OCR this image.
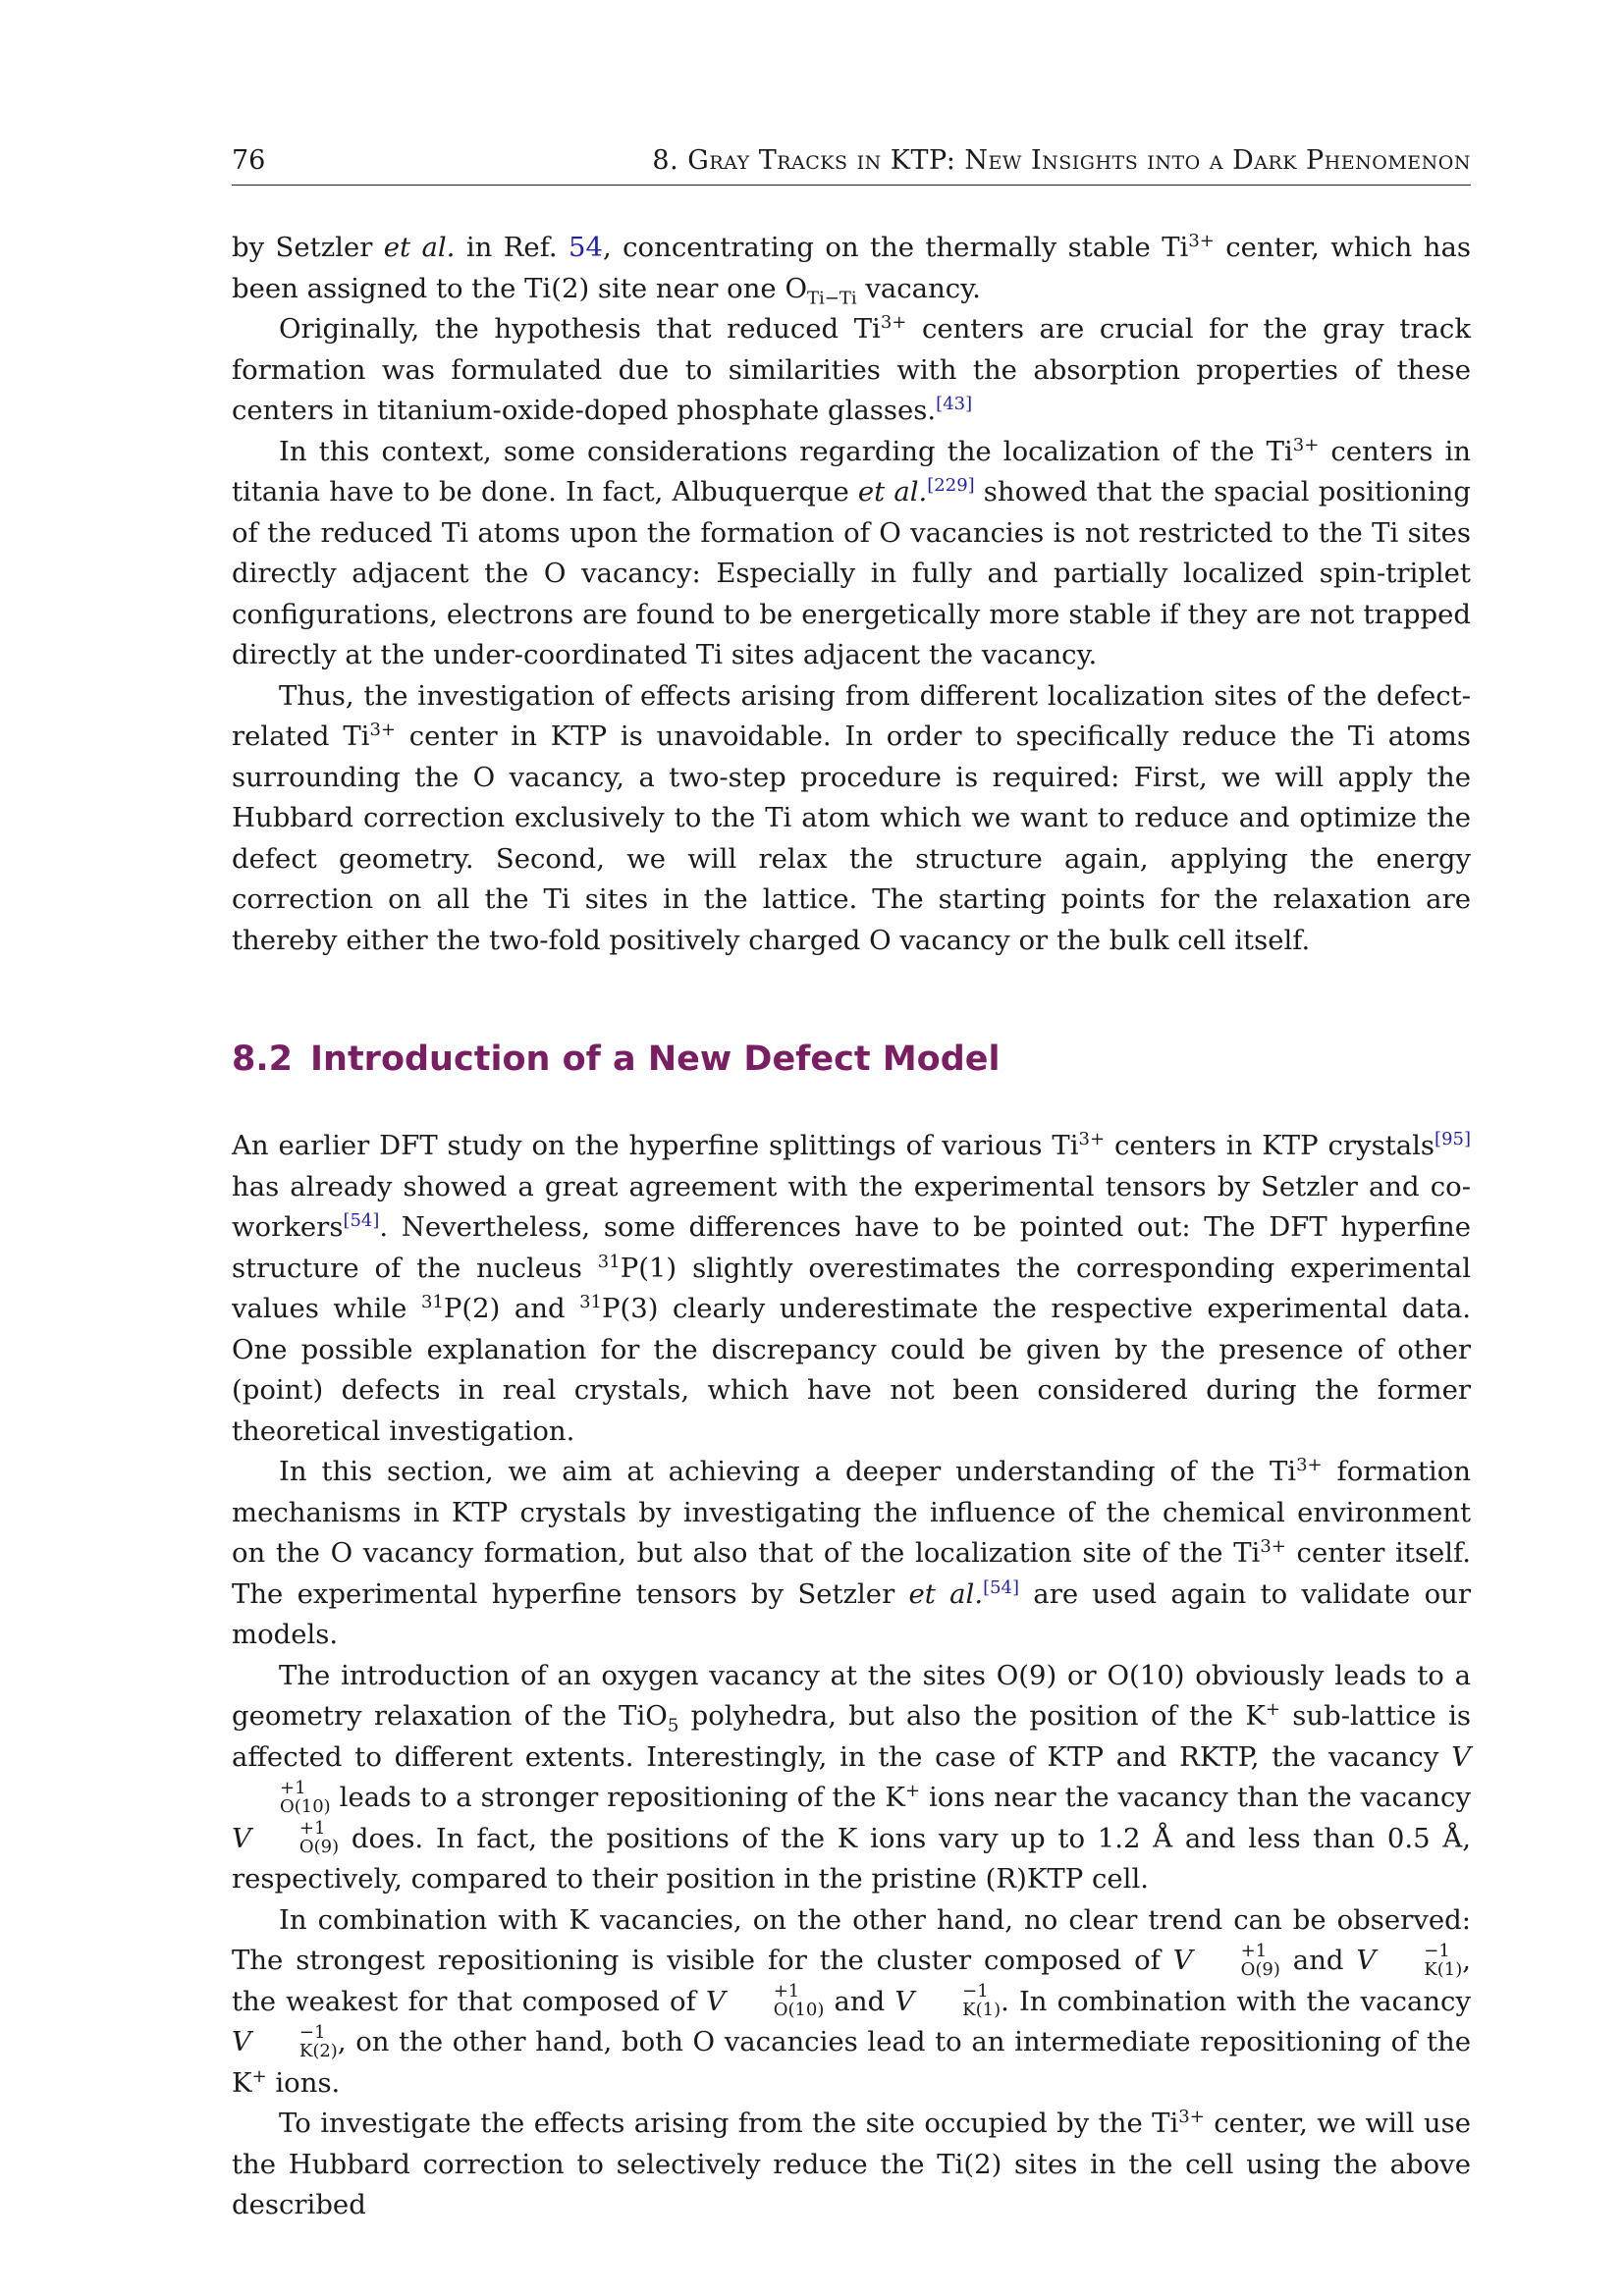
76	8. Gray Tracks in KTP: New Insights into a Dark Phenomenon

by Setzler et al. in Ref. 54, concentrating on the thermally stable $Ti^{3+}$ center, which has been assigned to the Ti(2) site near one $O_{Ti-Ti}$ vacancy.

Originally, the hypothesis that reduced $Ti^{3+}$ centers are crucial for the gray track formation was formulated due to similarities with the absorption properties of these centers in titanium-oxide-doped phosphate glasses.[43]

In this context, some considerations regarding the localization of the $Ti^{3+}$ centers in titania have to be done. In fact, Albuquerque et al.[229] showed that the spacial positioning of the reduced Ti atoms upon the formation of O vacancies is not restricted to the Ti sites directly adjacent the O vacancy: Especially in fully and partially localized spin-triplet configurations, electrons are found to be energetically more stable if they are not trapped directly at the under-coordinated Ti sites adjacent the vacancy.

Thus, the investigation of effects arising from different localization sites of the defect-related $Ti^{3+}$ center in KTP is unavoidable. In order to specifically reduce the Ti atoms surrounding the O vacancy, a two-step procedure is required: First, we will apply the Hubbard correction exclusively to the Ti atom which we want to reduce and optimize the defect geometry. Second, we will relax the structure again, applying the energy correction on all the Ti sites in the lattice. The starting points for the relaxation are thereby either the two-fold positively charged O vacancy or the bulk cell itself.

8.2 Introduction of a New Defect Model

An earlier DFT study on the hyperfine splittings of various $Ti^{3+}$ centers in KTP crystals[95] has already showed a great agreement with the experimental tensors by Setzler and co-workers[54]. Nevertheless, some differences have to be pointed out: The DFT hyperfine structure of the nucleus $^{31}$P(1) slightly overestimates the corresponding experimental values while $^{31}$P(2) and $^{31}$P(3) clearly underestimate the respective experimental data. One possible explanation for the discrepancy could be given by the presence of other (point) defects in real crystals, which have not been considered during the former theoretical investigation.

In this section, we aim at achieving a deeper understanding of the $Ti^{3+}$ formation mechanisms in KTP crystals by investigating the influence of the chemical environment on the O vacancy formation, but also that of the localization site of the $Ti^{3+}$ center itself. The experimental hyperfine tensors by Setzler et al.[54] are used again to validate our models.

The introduction of an oxygen vacancy at the sites O(9) or O(10) obviously leads to a geometry relaxation of the TiO$_5$ polyhedra, but also the position of the K+ sub-lattice is affected to different extents. Interestingly, in the case of KTP and RKTP, the vacancy V
+1
O(10) leads to a stronger repositioning of the K+ ions near the vacancy than the vacancy V	+1
O(9) does. In fact, the positions of the K ions vary up to 1.2 Å and less than 0.5 Å, respectively, compared to their position in the pristine (R)KTP cell.

In combination with K vacancies, on the other hand, no clear trend can be observed: The strongest repositioning is visible for the cluster composed of V	+1
O(9) and V	−1
K(1) , the weakest for that composed of V	+1
O(10) and V	−1
K(1) . In combination with the vacancy V	−1
K(2) , on the other hand, both O vacancies lead to an intermediate repositioning of the K+ ions.

To investigate the effects arising from the site occupied by the $Ti^{3+}$ center, we will use the Hubbard correction to selectively reduce the Ti(2) sites in the cell using the above described
